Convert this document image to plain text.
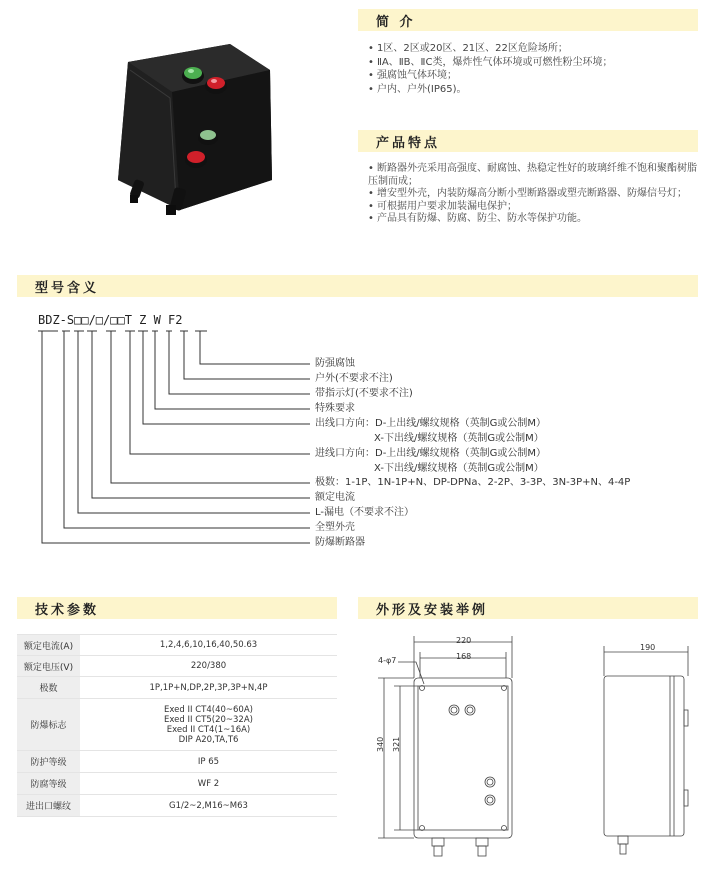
简 介
• 1区、2区或20区、21区、22区危险场所；
• ⅡA、ⅡB、ⅡC类，爆炸性气体环境或可燃性粉尘环境；
• 强腐蚀气体环境；
• 户内、户外(IP65)。
产品特点
• 断路器外壳采用高强度、耐腐蚀、热稳定性好的玻璃纤维不饱和聚酯树脂压制而成；
• 增安型外壳，内装防爆高分断小型断路器或塑壳断路器、防爆信号灯；
• 可根据用户要求加装漏电保护；
• 产品具有防爆、防腐、防尘、防水等保护功能。
型号含义
BDZ-S□□/□/□□T Z W F2
防强腐蚀
户外(不要求不注)
带指示灯(不要求不注)
特殊要求
出线口方向：D-上出线/螺纹规格（英制G或公制M）
X-下出线/螺纹规格（英制G或公制M）
进线口方向：D-上出线/螺纹规格（英制G或公制M）
X-下出线/螺纹规格（英制G或公制M）
极数：1-1P、1N-1P+N、DP-DPNa、2-2P、3-3P、3N-3P+N、4-4P
额定电流
L-漏电（不要求不注）
全塑外壳
防爆断路器
技术参数
额定电流(A)	1,2,4,6,10,16,40,50.63
额定电压(V)	220/380
极数	1P,1P+N,DP,2P,3P,3P+N,4P
防爆标志	Exed II CT4(40~60A)
Exed II CT5(20~32A)
Exed II CT4(1~16A)
DIP A20,TA,T6

防护等级	IP 65
防腐等级	WF 2
进出口螺纹	G1/2~2,M16~M63
外形及安装举例
220
168
4-φ7
340 321
190
